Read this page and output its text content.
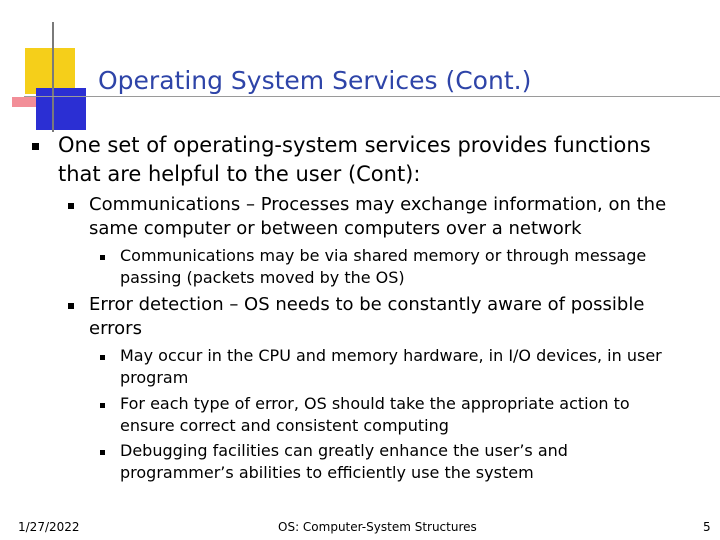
Operating System Services (Cont.)
One set of operating-system services provides functions
that are helpful to the user (Cont):
Communications – Processes may exchange information, on the
same computer or between computers over a network
Communications may be via shared memory or through message
passing (packets moved by the OS)
Error detection – OS needs to be constantly aware of possible
errors
May occur in the CPU and memory hardware, in I/O devices, in user
program
For each type of error, OS should take the appropriate action to
ensure correct and consistent computing
Debugging facilities can greatly enhance the user’s and
programmer’s abilities to efficiently use the system
1/27/2022	OS: Computer-System Structures	5
